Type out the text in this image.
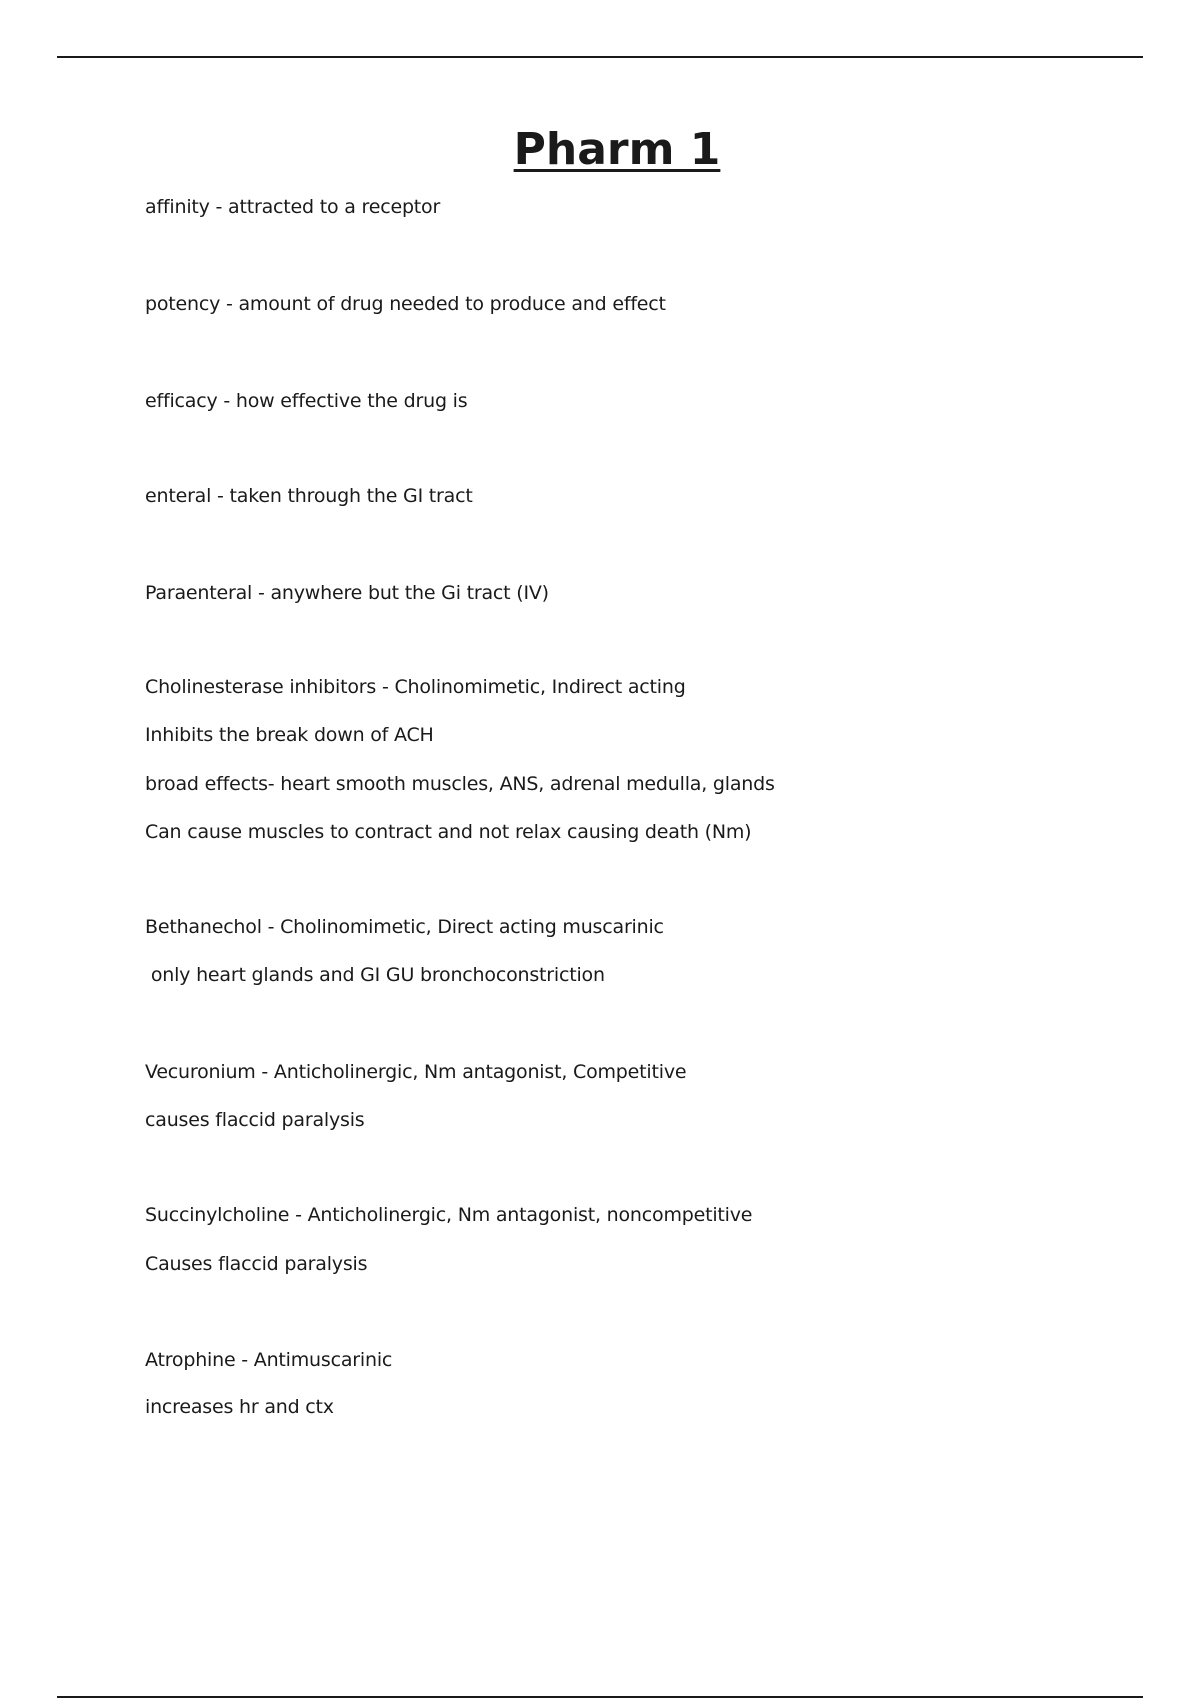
Pharm 1
affinity - attracted to a receptor
potency - amount of drug needed to produce and effect
efficacy - how effective the drug is
enteral - taken through the GI tract
Paraenteral - anywhere but the Gi tract (IV)
Cholinesterase inhibitors - Cholinomimetic, Indirect acting
Inhibits the break down of ACH
broad effects- heart smooth muscles, ANS, adrenal medulla, glands
Can cause muscles to contract and not relax causing death (Nm)
Bethanechol - Cholinomimetic, Direct acting muscarinic
only heart glands and GI GU bronchoconstriction
Vecuronium - Anticholinergic, Nm antagonist, Competitive
causes flaccid paralysis
Succinylcholine - Anticholinergic, Nm antagonist, noncompetitive
Causes flaccid paralysis
Atrophine - Antimuscarinic
increases hr and ctx
